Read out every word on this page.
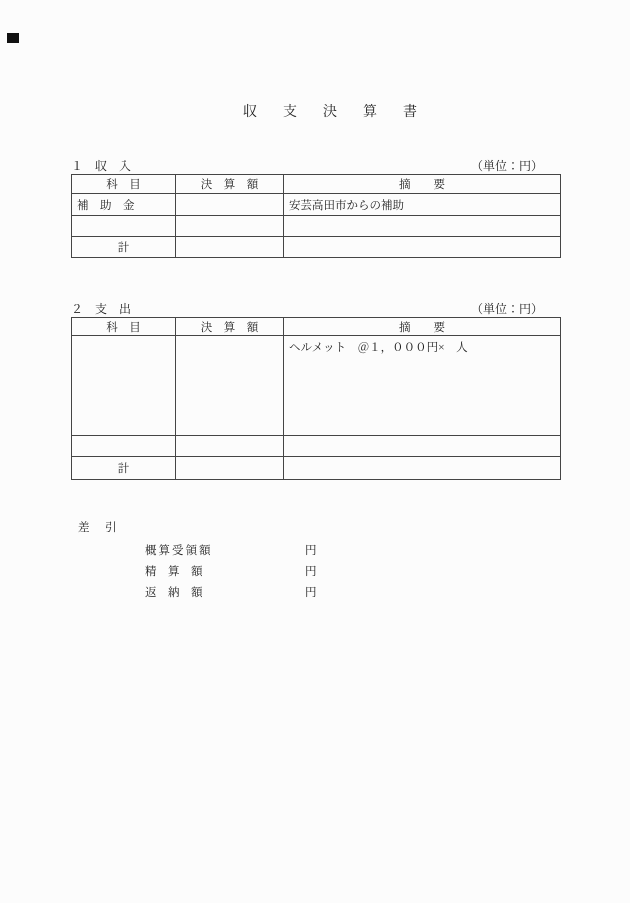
収　支　決　算　書
１　収　入	（単位：円）
科　目	決　算　額	摘　　要
補　助　金		安芸高田市からの補助

計		
２　支　出	（単位：円）
科　目	決　算　額	摘　　要
		ヘルメット　＠１，０００円×　人

計		
差　引
概算受領額	円
精　算　額	円
返　納　額	円
